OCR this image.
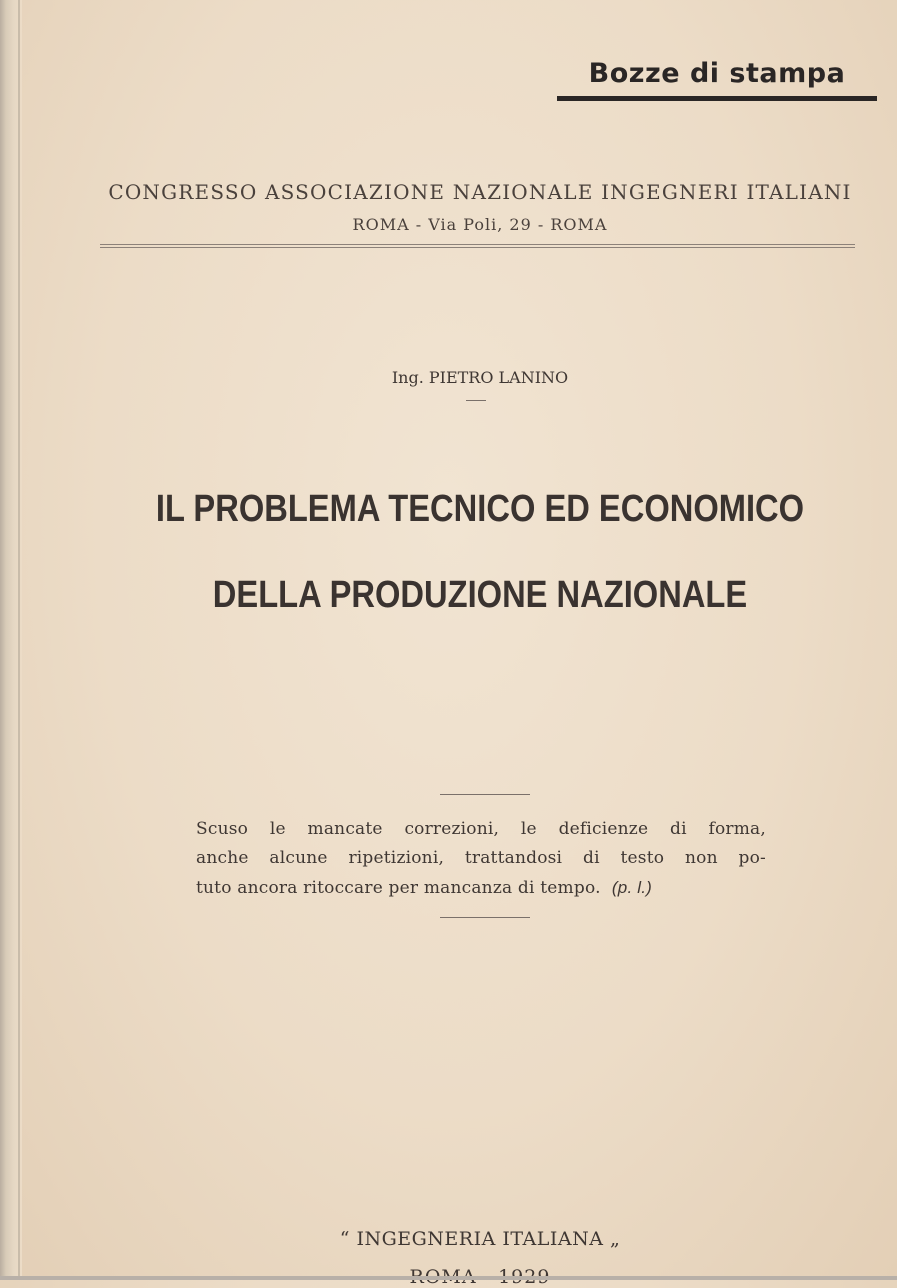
Bozze di stampa
CONGRESSO ASSOCIAZIONE NAZIONALE INGEGNERI ITALIANI
ROMA - Via Poli, 29 - ROMA
Ing. PIETRO LANINO
IL PROBLEMA TECNICO ED ECONOMICO
DELLA PRODUZIONE NAZIONALE
Scuso le mancate correzioni, le deficienze di forma,
anche alcune ripetizioni, trattandosi di testo non po-
tuto ancora ritoccare per mancanza di tempo. (p. l.)
“ INGEGNERIA ITALIANA „
